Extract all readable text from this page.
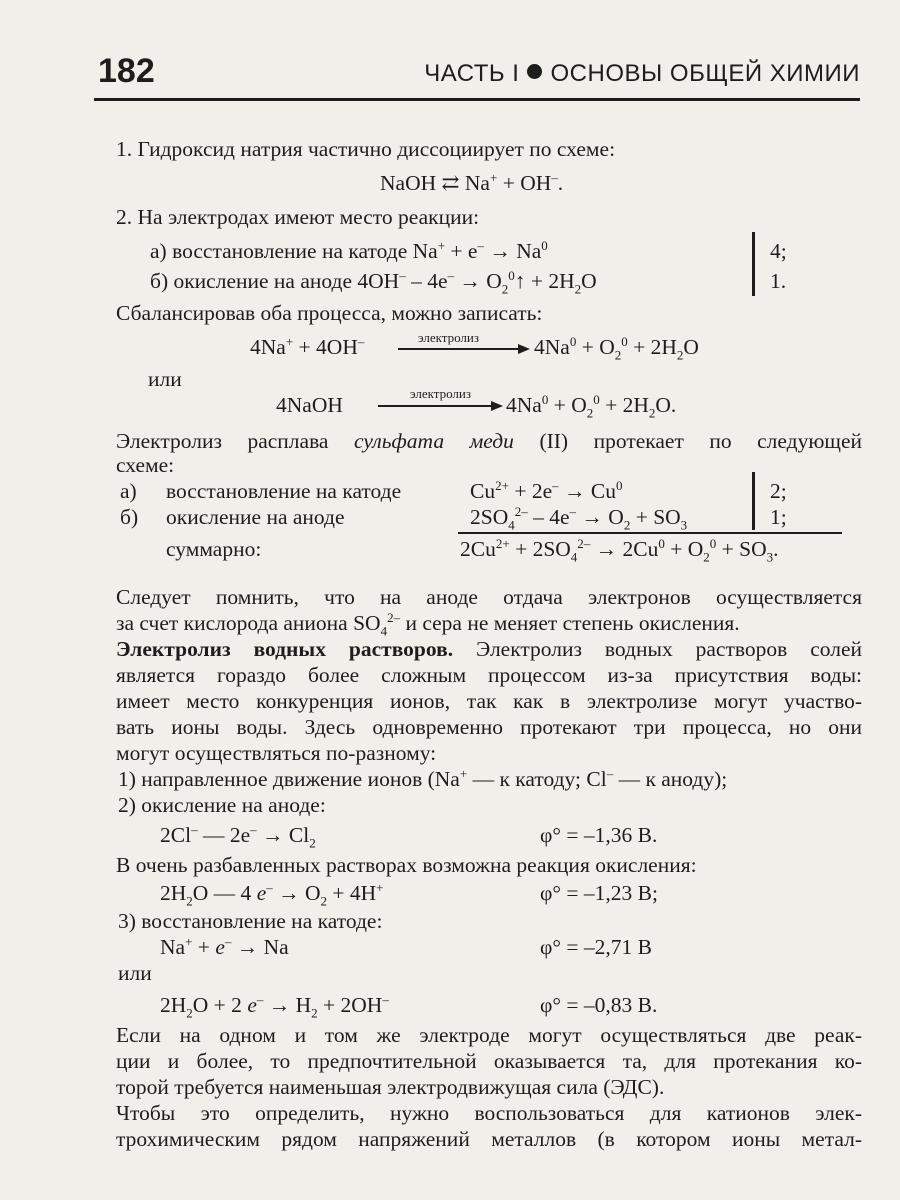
182	ЧАСТЬ I ОСНОВЫ ОБЩЕЙ ХИМИИ
1. Гидроксид натрия частично диссоциирует по схеме:
NaOH ⇄ Na+ + OH–.
2. На электродах имеют место реакции:
а) восстановление на катоде $Na^+ + e^- \to Na^0$	4;
б) окисление на аноде $4OH^- - 4e^- \to O_2^0↑ + 2H_2O$	1.
Сбалансировав оба процесса, можно записать:
4Na+ + 4OH–	электролиз	$4Na^0 + O_2^0 + 2H_2O$
или
4NaOH	электролиз $4Na^0 + O_2^0 + 2H_2O$.
Электролиз расплава сульфата меди (II) протекает по следующей
схеме:
а) восстановление на катоде	$Cu^{2+} + 2e^- \to Cu^0$	2;
б) окисление на аноде	$2SO_4^{2-} - 4e^- \to O_2 + SO_3$	1;
суммарно:	$2Cu^{2+} + 2SO_4^{2-} \to 2Cu^0 + O_2^0 + SO_3$.
Следует помнить, что на аноде отдача электронов осуществляется
за счет кислорода аниона $SO_4^{2-}$ и сера не меняет степень окисления.
Электролиз водных растворов. Электролиз водных растворов солей
является гораздо более сложным процессом из-за присутствия воды:
имеет место конкуренция ионов, так как в электролизе могут участво-
вать ионы воды. Здесь одновременно протекают три процесса, но они
могут осуществляться по-разному:
1) направленное движение ионов (Na+ — к катоду; Cl– — к аноду);
2) окисление на аноде:
2Cl– — $2e^- \to Cl_2$	φ° = –1,36 В.
В очень разбавленных растворах возможна реакция окисления:
$2H_2O$ — 4 $e^- \to O_2 + 4H^+$	φ° = –1,23 В;
3) восстановление на катоде:
Na+ + e– → Na	φ° = –2,71 В
или
$2H_2O + 2$ $e^- \to H_2 + 2OH^-$	φ° = –0,83 В.
Если на одном и том же электроде могут осуществляться две реак-
ции и более, то предпочтительной оказывается та, для протекания ко-
торой требуется наименьшая электродвижущая сила (ЭДС).
Чтобы это определить, нужно воспользоваться для катионов элек-
трохимическим рядом напряжений металлов (в котором ионы метал-
